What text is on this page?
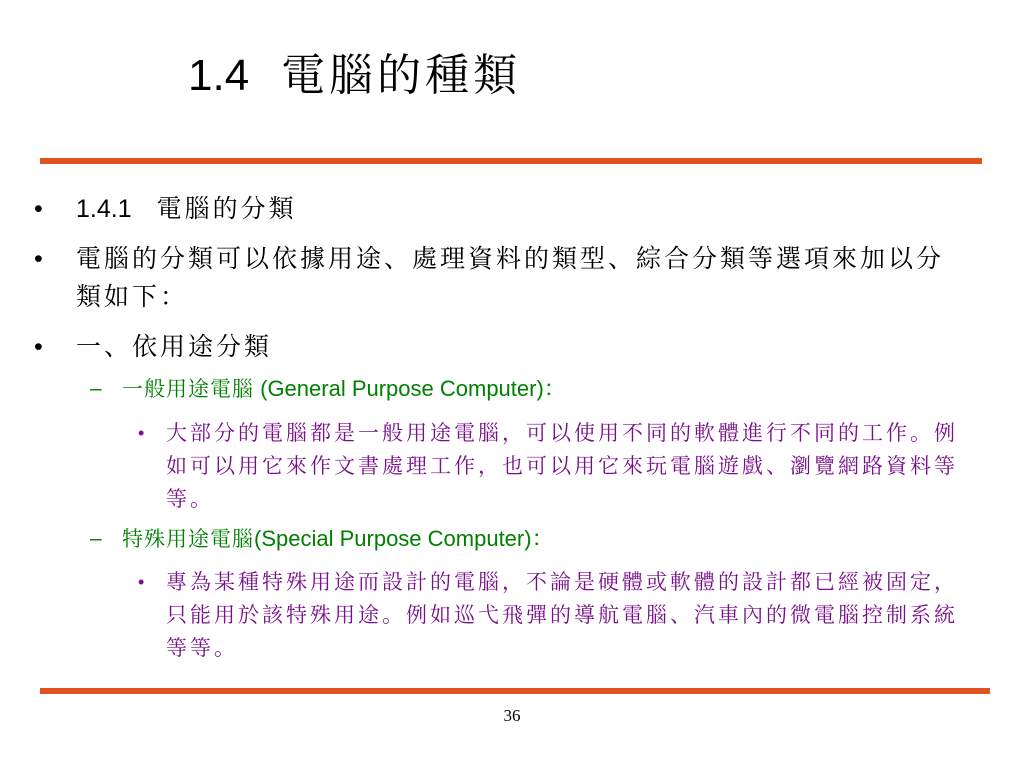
1.4 電腦的種類
• 1.4.1 電腦的分類
• 電腦的分類可以依據用途、處理資料的類型、綜合分類等選項來加以分類如下：
• 一、依用途分類
– 一般用途電腦 (General Purpose Computer)：
• 大部分的電腦都是一般用途電腦，可以使用不同的軟體進行不同的工作。例如可以用它來作文書處理工作，也可以用它來玩電腦遊戲、瀏覽網路資料等等。
– 特殊用途電腦(Special Purpose Computer)：
• 專為某種特殊用途而設計的電腦，不論是硬體或軟體的設計都已經被固定，只能用於該特殊用途。例如巡弋飛彈的導航電腦、汽車內的微電腦控制系統等等。
36
